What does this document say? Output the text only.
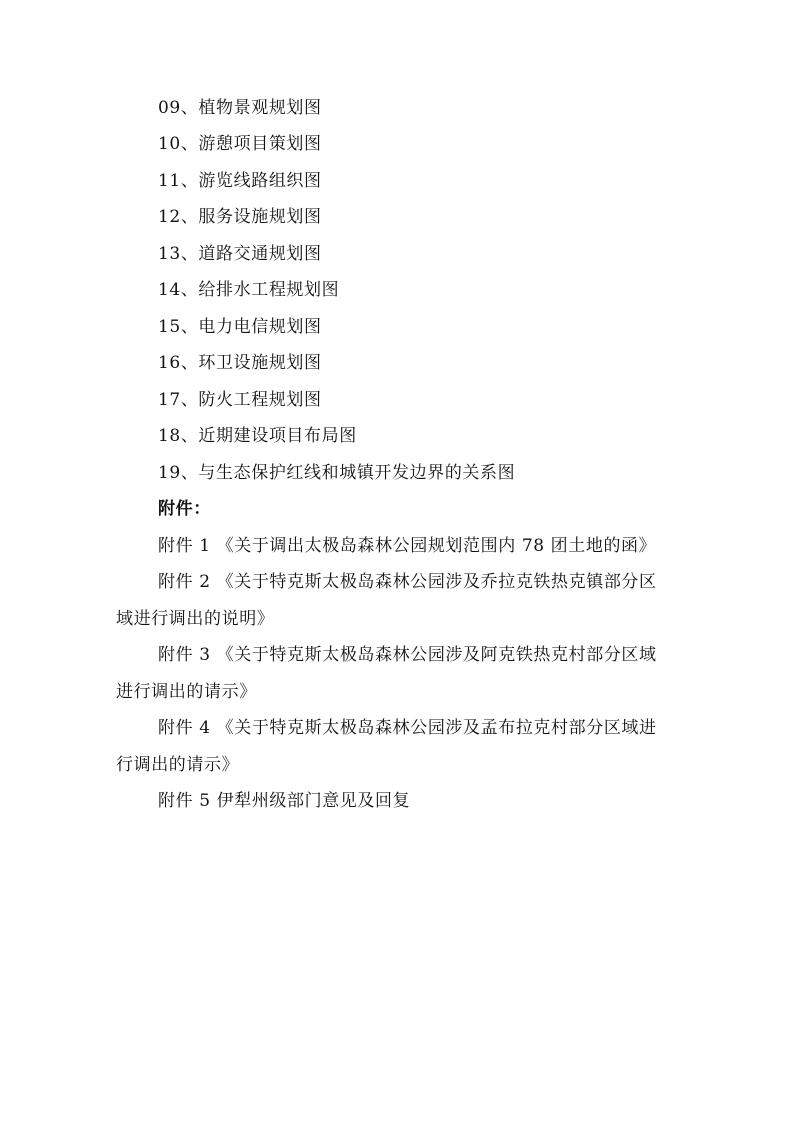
09、植物景观规划图
10、游憩项目策划图
11、游览线路组织图
12、服务设施规划图
13、道路交通规划图
14、给排水工程规划图
15、电力电信规划图
16、环卫设施规划图
17、防火工程规划图
18、近期建设项目布局图
19、与生态保护红线和城镇开发边界的关系图
附件：
附件 1 《关于调出太极岛森林公园规划范围内 78 团土地的函》
附件 2 《关于特克斯太极岛森林公园涉及乔拉克铁热克镇部分区
域进行调出的说明》
附件 3 《关于特克斯太极岛森林公园涉及阿克铁热克村部分区域
进行调出的请示》
附件 4 《关于特克斯太极岛森林公园涉及孟布拉克村部分区域进
行调出的请示》
附件 5 伊犁州级部门意见及回复
